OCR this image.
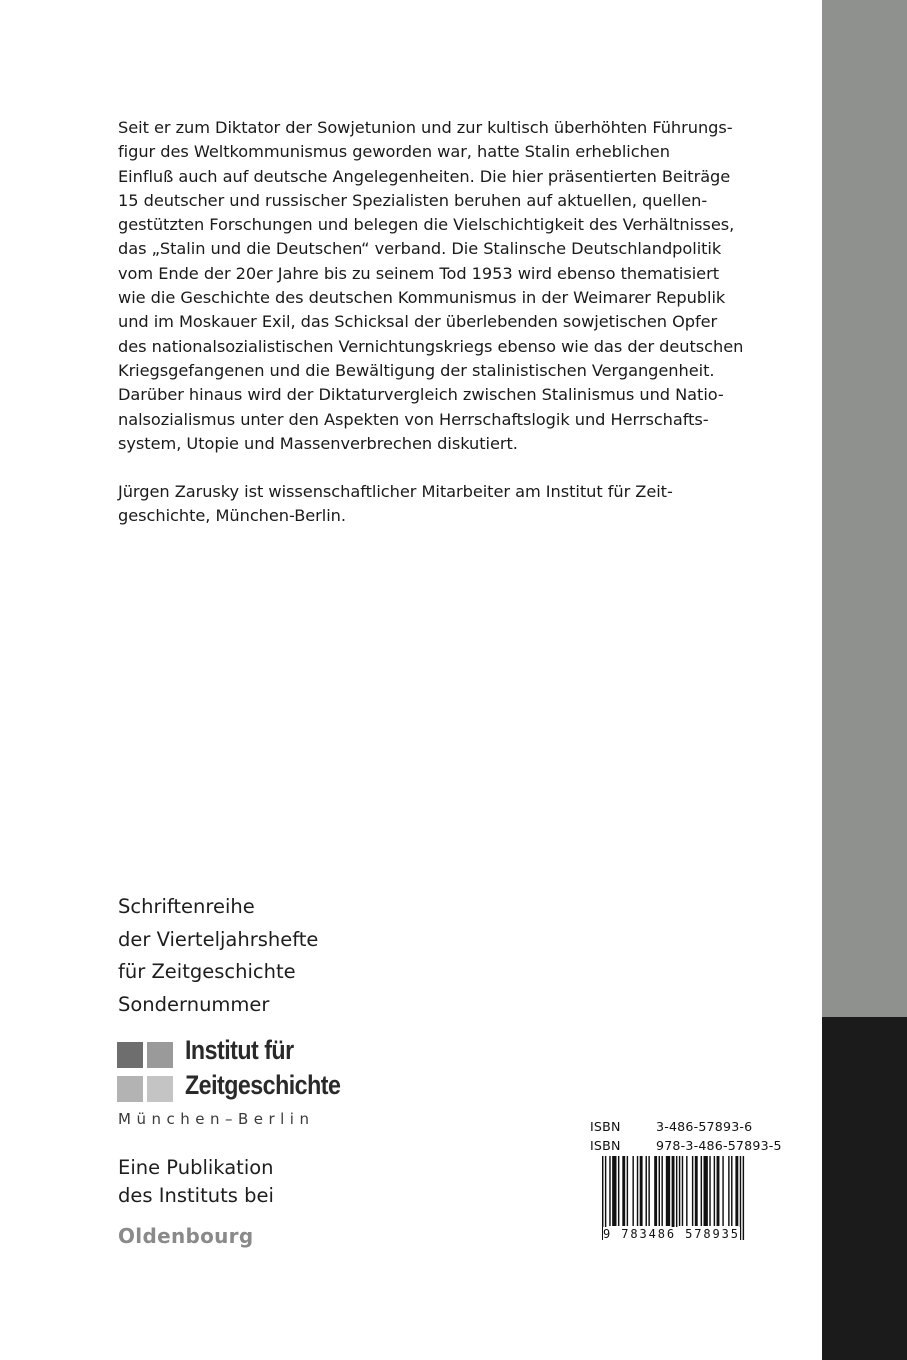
Seit er zum Diktator der Sowjetunion und zur kultisch überhöhten Führungs-
figur des Weltkommunismus geworden war, hatte Stalin erheblichen
Einfluß auch auf deutsche Angelegenheiten. Die hier präsentierten Beiträge
15 deutscher und russischer Spezialisten beruhen auf aktuellen, quellen-
gestützten Forschungen und belegen die Vielschichtigkeit des Verhältnisses,
das „Stalin und die Deutschen“ verband. Die Stalinsche Deutschlandpolitik
vom Ende der 20er Jahre bis zu seinem Tod 1953 wird ebenso thematisiert
wie die Geschichte des deutschen Kommunismus in der Weimarer Republik
und im Moskauer Exil, das Schicksal der überlebenden sowjetischen Opfer
des nationalsozialistischen Vernichtungskriegs ebenso wie das der deutschen
Kriegsgefangenen und die Bewältigung der stalinistischen Vergangenheit.
Darüber hinaus wird der Diktaturvergleich zwischen Stalinismus und Natio-
nalsozialismus unter den Aspekten von Herrschaftslogik und Herrschafts-
system, Utopie und Massenverbrechen diskutiert.

Jürgen Zarusky ist wissenschaftlicher Mitarbeiter am Institut für Zeit-
geschichte, München-Berlin.

Schriftenreihe
der Vierteljahrshefte
für Zeitgeschichte
Sondernummer
Institut für
Zeitgeschichte
München–Berlin
Eine Publikation
des Instituts bei
Oldenbourg
ISBN	3-486-57893-6
ISBN	978-3-486-57893-5
9 783486 578935
